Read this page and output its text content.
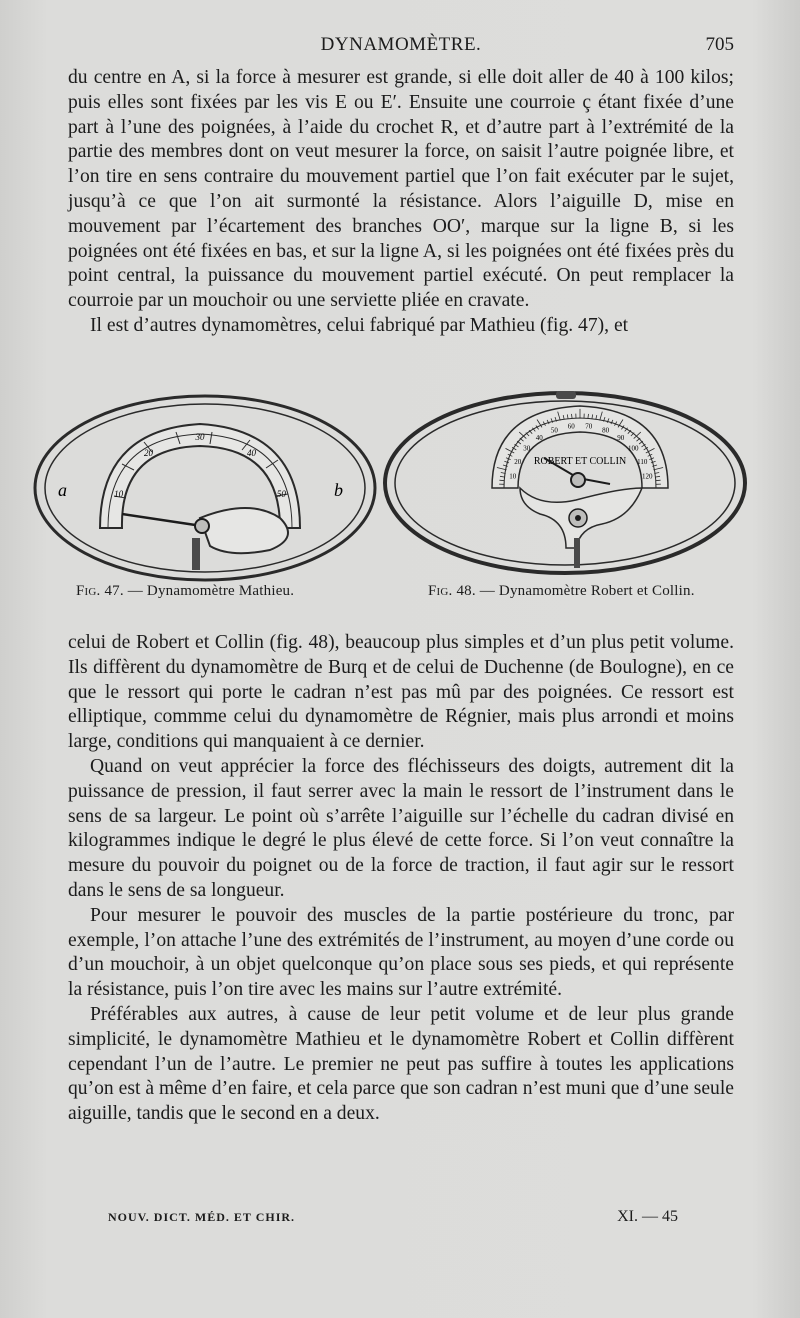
DYNAMOMÈTRE.	705

du centre en A, si la force à mesurer est grande, si elle doit aller de 40 à 100 kilos; puis elles sont fixées par les vis E ou E′. Ensuite une courroie ç étant fixée d’une part à l’une des poignées, à l’aide du crochet R, et d’autre part à l’extrémité de la partie des membres dont on veut mesurer la force, on saisit l’autre poignée libre, et l’on tire en sens contraire du mouvement partiel que l’on fait exécuter par le sujet, jusqu’à ce que l’on ait surmonté la résistance. Alors l’aiguille D, mise en mouvement par l’écartement des branches OO′, marque sur la ligne B, si les poignées ont été fixées en bas, et sur la ligne A, si les poignées ont été fixées près du point central, la puissance du mouvement partiel exécuté. On peut remplacer la courroie par un mouchoir ou une serviette pliée en cravate.

Il est d’autres dynamomètres, celui fabriqué par Mathieu (fig. 47), et

a	b
10
20
30
40
50
ROBERT ET COLLIN
10
20
30
40
50 60 70 80
90
100
110
120
Fig. 47. — Dynamomètre Mathieu.	Fig. 48. — Dynamomètre Robert et Collin.

celui de Robert et Collin (fig. 48), beaucoup plus simples et d’un plus petit volume. Ils diffèrent du dynamomètre de Burq et de celui de Duchenne (de Boulogne), en ce que le ressort qui porte le cadran n’est pas mû par des poignées. Ce ressort est elliptique, commme celui du dynamomètre de Régnier, mais plus arrondi et moins large, conditions qui manquaient à ce dernier.

Quand on veut apprécier la force des fléchisseurs des doigts, autrement dit la puissance de pression, il faut serrer avec la main le ressort de l’instrument dans le sens de sa largeur. Le point où s’arrête l’aiguille sur l’échelle du cadran divisé en kilogrammes indique le degré le plus élevé de cette force. Si l’on veut connaître la mesure du pouvoir du poignet ou de la force de traction, il faut agir sur le ressort dans le sens de sa longueur.

Pour mesurer le pouvoir des muscles de la partie postérieure du tronc, par exemple, l’on attache l’une des extrémités de l’instrument, au moyen d’une corde ou d’un mouchoir, à un objet quelconque qu’on place sous ses pieds, et qui représente la résistance, puis l’on tire avec les mains sur l’autre extrémité.

Préférables aux autres, à cause de leur petit volume et de leur plus grande simplicité, le dynamomètre Mathieu et le dynamomètre Robert et Collin diffèrent cependant l’un de l’autre. Le premier ne peut pas suffire à toutes les applications qu’on est à même d’en faire, et cela parce que son cadran n’est muni que d’une seule aiguille, tandis que le second en a deux.

NOUV. DICT. MÉD. ET CHIR.	XI. — 45
